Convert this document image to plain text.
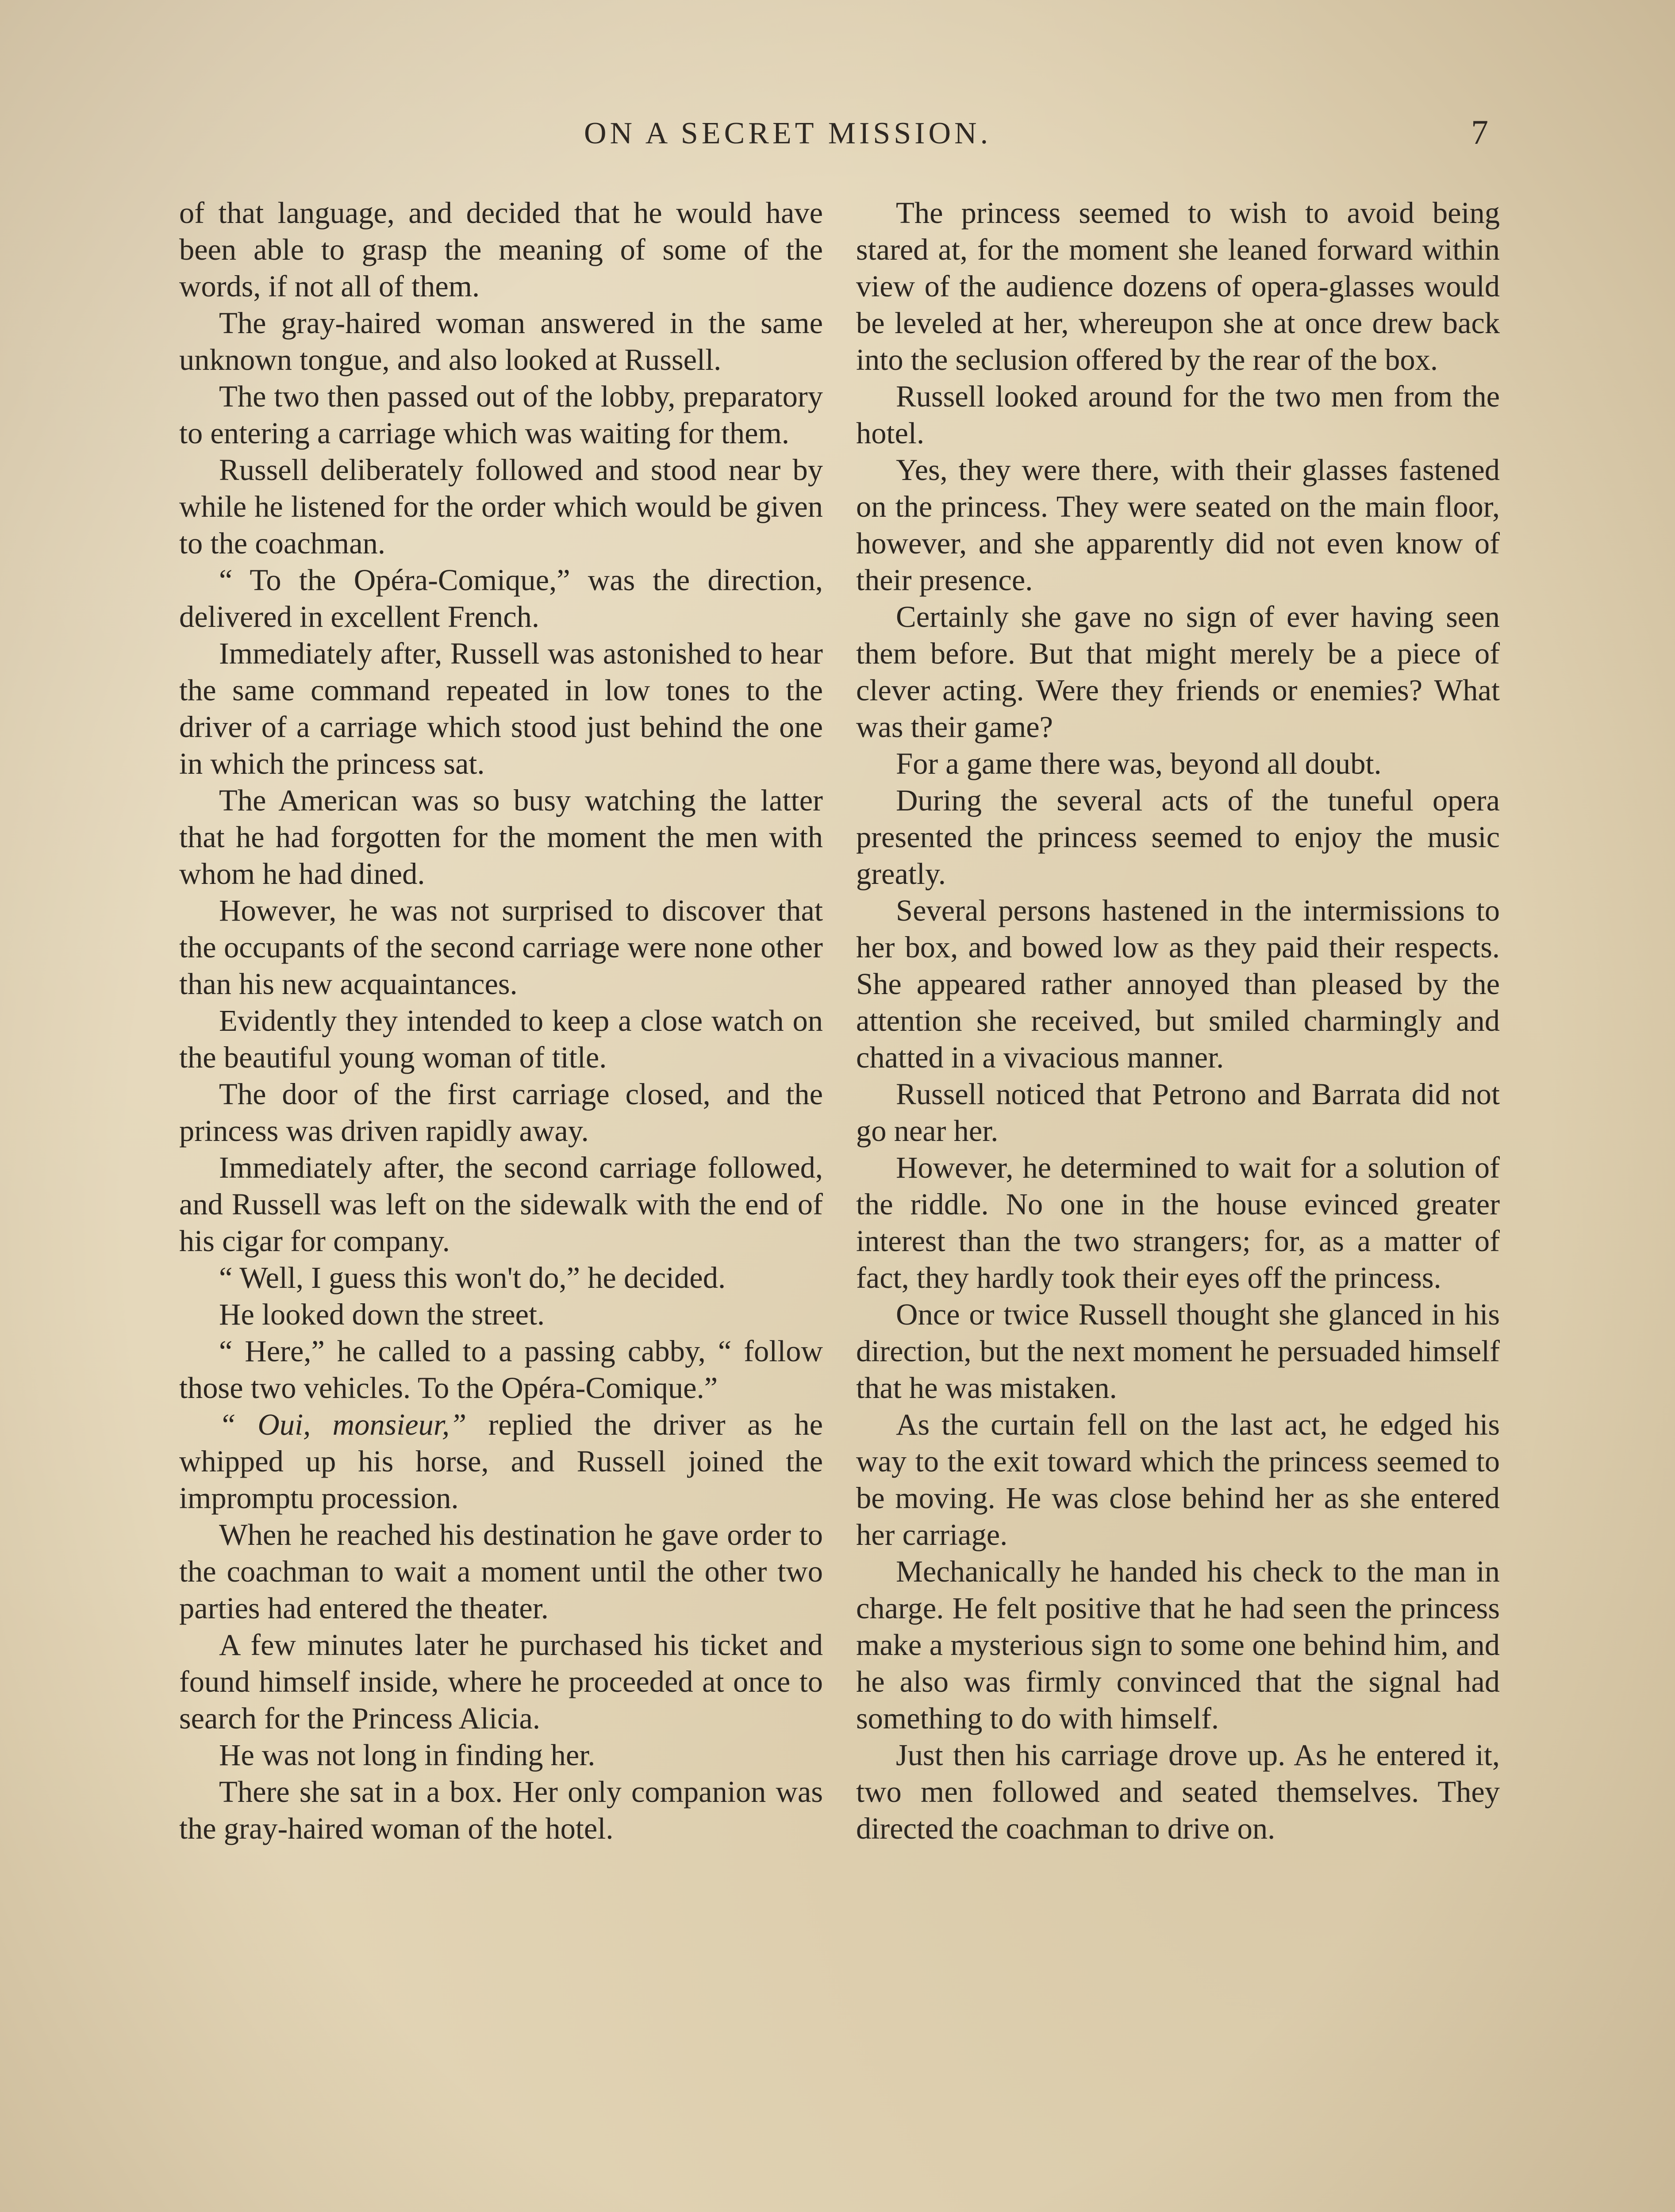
ON A SECRET MISSION.	7

of that language, and decided that he would have been able to grasp the meaning of some of the words, if not all of them.

The gray-haired woman answered in the same unknown tongue, and also looked at Russell.

The two then passed out of the lobby, preparatory to entering a carriage which was waiting for them.

Russell deliberately followed and stood near by while he listened for the order which would be given to the coachman.

“ To the Opéra-Comique,” was the direction, delivered in excellent French.

Immediately after, Russell was astonished to hear the same command repeated in low tones to the driver of a carriage which stood just behind the one in which the princess sat.

The American was so busy watching the latter that he had forgotten for the moment the men with whom he had dined.

However, he was not surprised to discover that the occupants of the second carriage were none other than his new acquaintances.

Evidently they intended to keep a close watch on the beautiful young woman of title.

The door of the first carriage closed, and the princess was driven rapidly away.

Immediately after, the second carriage followed, and Russell was left on the sidewalk with the end of his cigar for company.

“ Well, I guess this won't do,” he decided.

He looked down the street.

“ Here,” he called to a passing cabby, “ follow those two vehicles. To the Opéra-Comique.”

“ Oui, monsieur,” replied the driver as he whipped up his horse, and Russell joined the impromptu procession.

When he reached his destination he gave order to the coachman to wait a moment until the other two parties had entered the theater.

A few minutes later he purchased his ticket and found himself inside, where he proceeded at once to search for the Princess Alicia.

He was not long in finding her.

There she sat in a box. Her only companion was the gray-haired woman of the hotel.

The princess seemed to wish to avoid being stared at, for the moment she leaned forward within view of the audience dozens of opera-glasses would be leveled at her, whereupon she at once drew back into the seclusion offered by the rear of the box.

Russell looked around for the two men from the hotel.

Yes, they were there, with their glasses fastened on the princess. They were seated on the main floor, however, and she apparently did not even know of their presence.

Certainly she gave no sign of ever having seen them before. But that might merely be a piece of clever acting. Were they friends or enemies? What was their game?

For a game there was, beyond all doubt.

During the several acts of the tuneful opera presented the princess seemed to enjoy the music greatly.

Several persons hastened in the intermissions to her box, and bowed low as they paid their respects. She appeared rather annoyed than pleased by the attention she received, but smiled charmingly and chatted in a vivacious manner.

Russell noticed that Petrono and Barrata did not go near her.

However, he determined to wait for a solution of the riddle. No one in the house evinced greater interest than the two strangers; for, as a matter of fact, they hardly took their eyes off the princess.

Once or twice Russell thought she glanced in his direction, but the next moment he persuaded himself that he was mistaken.

As the curtain fell on the last act, he edged his way to the exit toward which the princess seemed to be moving. He was close behind her as she entered her carriage.

Mechanically he handed his check to the man in charge. He felt positive that he had seen the princess make a mysterious sign to some one behind him, and he also was firmly convinced that the signal had something to do with himself.

Just then his carriage drove up. As he entered it, two men followed and seated themselves. They directed the coachman to drive on.
